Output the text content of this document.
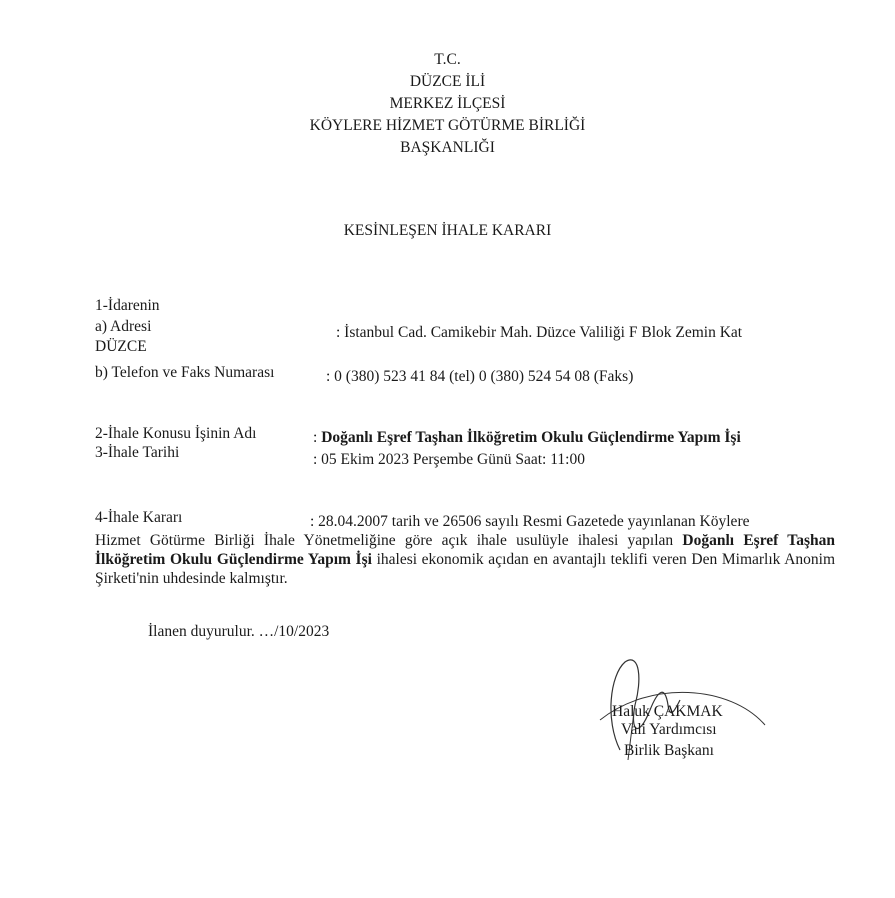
T.C.
DÜZCE İLİ
MERKEZ İLÇESİ
KÖYLERE HİZMET GÖTÜRME BİRLİĞİ
BAŞKANLIĞI
KESİNLEŞEN İHALE KARARI
1-İdarenin
a) Adresi	: İstanbul Cad. Camikebir Mah. Düzce Valiliği F Blok Zemin Kat
DÜZCE
b) Telefon ve Faks Numarası	: 0 (380) 523 41 84 (tel) 0 (380) 524 54 08 (Faks)
2-İhale Konusu İşinin Adı	: Doğanlı Eşref Taşhan İlköğretim Okulu Güçlendirme Yapım İşi
3-İhale Tarihi	: 05 Ekim 2023 Perşembe Günü Saat: 11:00
4-İhale Kararı	: 28.04.2007 tarih ve 26506 sayılı Resmi Gazetede yayınlanan Köylere
Hizmet Götürme Birliği İhale Yönetmeliğine göre açık ihale usulüyle ihalesi yapılan Doğanlı Eşref Taşhan İlköğretim Okulu Güçlendirme Yapım İşi ihalesi ekonomik açıdan en avantajlı teklifi veren Den Mimarlık Anonim Şirketi'nin uhdesinde kalmıştır.
İlanen duyurulur. …/10/2023
Haluk ÇAKMAK
Vali Yardımcısı
Birlik Başkanı
